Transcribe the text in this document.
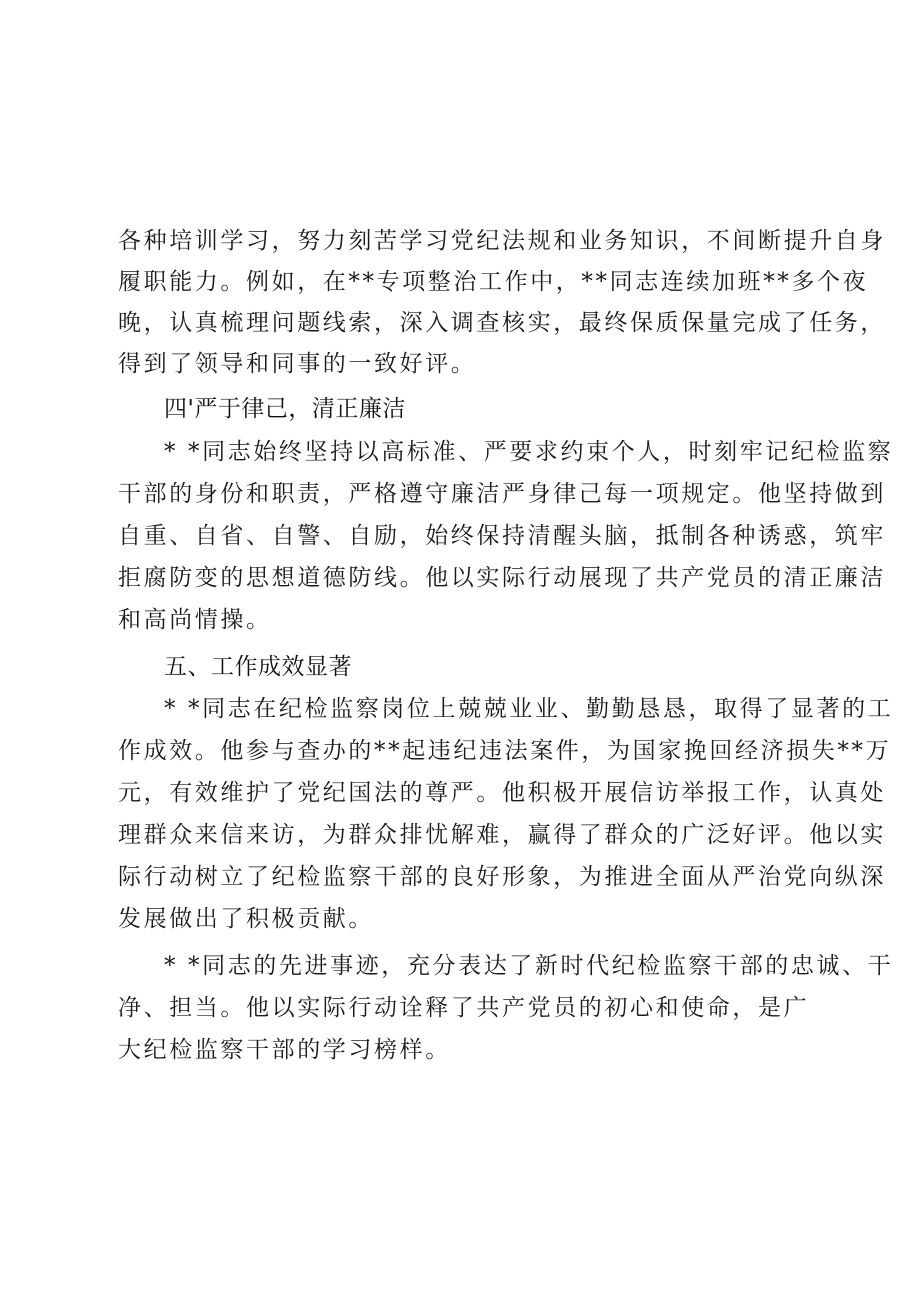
各种培训学习，努力刻苦学习党纪法规和业务知识，不间断提升自身
履职能力。例如，在**专项整治工作中，**同志连续加班**多个夜
晚，认真梳理问题线索，深入调查核实，最终保质保量完成了任务，
得到了领导和同事的一致好评。
四'严于律己，清正廉洁
* *同志始终坚持以高标准、严要求约束个人，时刻牢记纪检监察
干部的身份和职责，严格遵守廉洁严身律己每一项规定。他坚持做到
自重、自省、自警、自励，始终保持清醒头脑，抵制各种诱惑，筑牢
拒腐防变的思想道德防线。他以实际行动展现了共产党员的清正廉洁
和高尚情操。
五、工作成效显著
* *同志在纪检监察岗位上兢兢业业、勤勤恳恳，取得了显著的工
作成效。他参与查办的**起违纪违法案件，为国家挽回经济损失**万
元，有效维护了党纪国法的尊严。他积极开展信访举报工作，认真处
理群众来信来访，为群众排忧解难，赢得了群众的广泛好评。他以实
际行动树立了纪检监察干部的良好形象，为推进全面从严治党向纵深
发展做出了积极贡献。
* *同志的先进事迹，充分表达了新时代纪检监察干部的忠诚、干
净、担当。他以实际行动诠释了共产党员的初心和使命，是广
大纪检监察干部的学习榜样。
